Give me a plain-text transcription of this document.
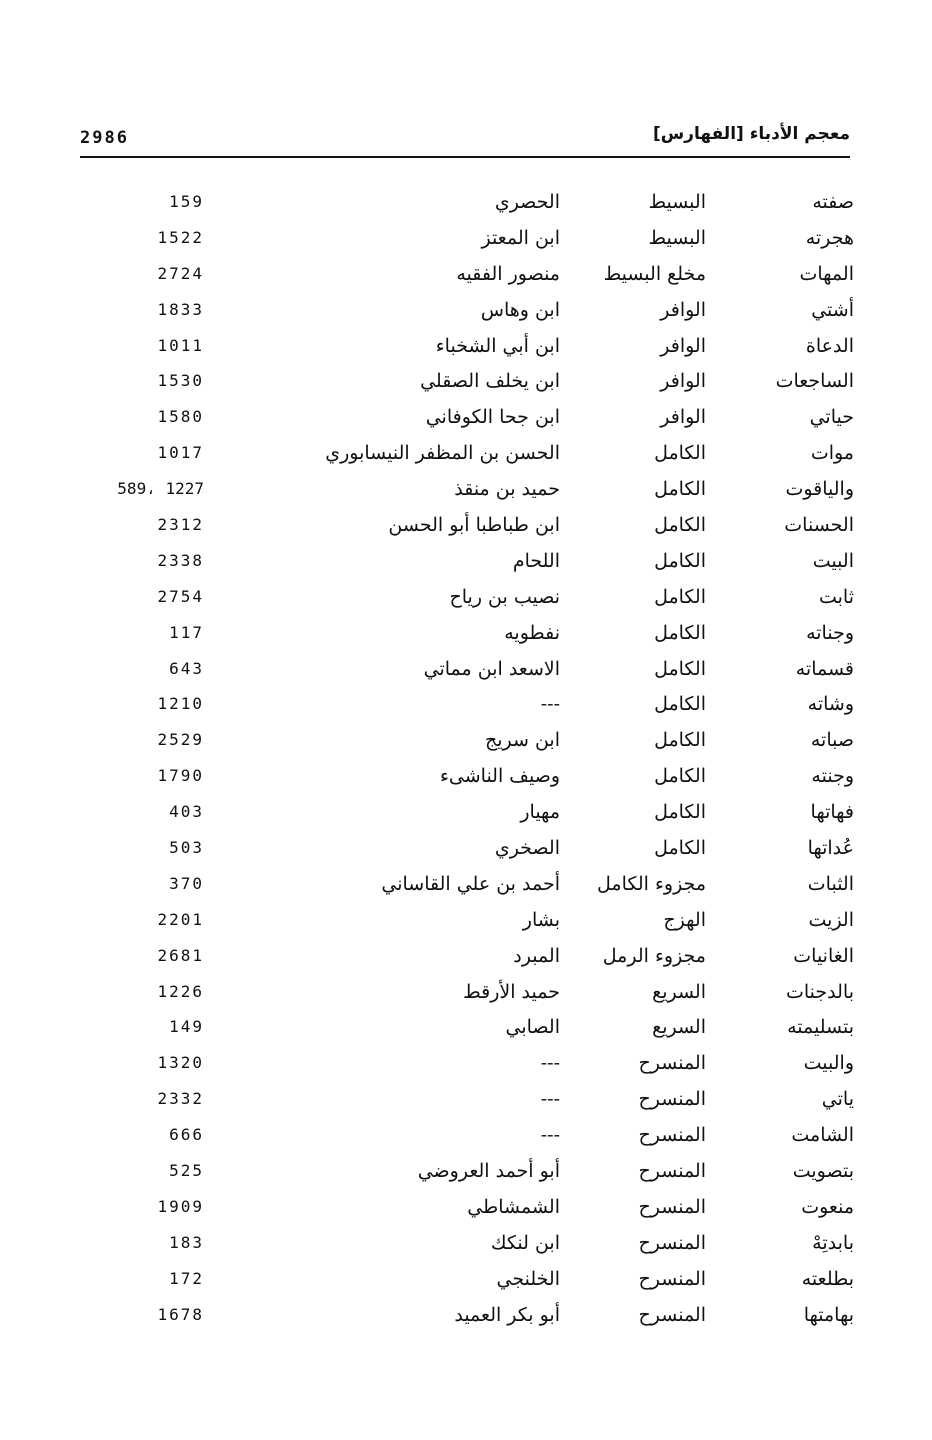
معجم الأدباء [الفهارس]
2986
صفته
البسيط
الحصري
159
هجرته
البسيط
ابن المعتز
1522
المهات
مخلع البسيط
منصور الفقيه
2724
أشتي
الوافر
ابن وهاس
1833
الدعاة
الوافر
ابن أبي الشخباء
1011
الساجعات
الوافر
ابن يخلف الصقلي
1530
حياتي
الوافر
ابن جحا الكوفاني
1580
موات
الكامل
الحسن بن المظفر النيسابوري
1017
والياقوت
الكامل
حميد بن منقذ
589، 1227
الحسنات
الكامل
ابن طباطبا أبو الحسن
2312
البيت
الكامل
اللحام
2338
ثابت
الكامل
نصيب بن رياح
2754
وجناته
الكامل
نفطويه
117
قسماته
الكامل
الاسعد ابن مماتي
643
وشاته
الكامل
---
1210
صباته
الكامل
ابن سريج
2529
وجنته
الكامل
وصيف الناشىء
1790
فهاتها
الكامل
مهيار
403
عُداتها
الكامل
الصخري
503
الثبات
مجزوء الكامل
أحمد بن علي القاساني
370
الزيت
الهزج
بشار
2201
الغانيات
مجزوء الرمل
المبرد
2681
بالدجنات
السريع
حميد الأرقط
1226
بتسليمته
السريع
الصابي
149
والبيت
المنسرح
---
1320
ياتي
المنسرح
---
2332
الشامت
المنسرح
---
666
بتصويت
المنسرح
أبو أحمد العروضي
525
منعوت
المنسرح
الشمشاطي
1909
بابدتِهْ
المنسرح
ابن لنكك
183
بطلعته
المنسرح
الخلنجي
172
بهامتها
المنسرح
أبو بكر العميد
1678
